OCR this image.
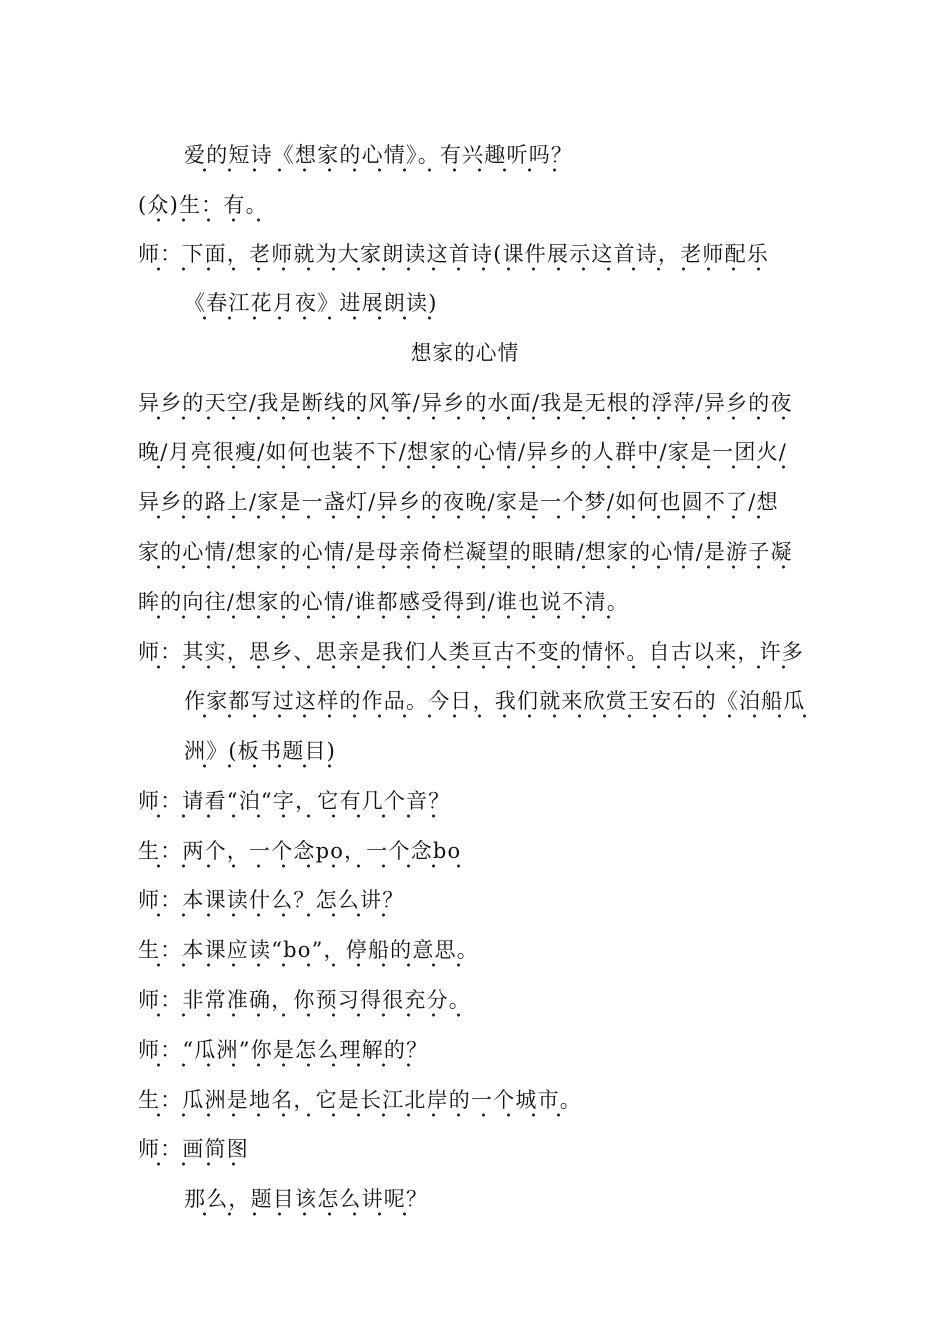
爱的短诗《想家的心情》。有兴趣听吗？
(众)生：有。
师：下面，老师就为大家朗读这首诗(课件展示这首诗，老师配乐
《春江花月夜》进展朗读)
想家的心情
异乡的天空/我是断线的风筝/异乡的水面/我是无根的浮萍/异乡的夜
晚/月亮很瘦/如何也装不下/想家的心情/异乡的人群中/家是一团火/
异乡的路上/家是一盏灯/异乡的夜晚/家是一个梦/如何也圆不了/想
家的心情/想家的心情/是母亲倚栏凝望的眼睛/想家的心情/是游子凝
眸的向往/想家的心情/谁都感受得到/谁也说不清。
师：其实，思乡、思亲是我们人类亘古不变的情怀。自古以来，许多
作家都写过这样的作品。今日，我们就来欣赏王安石的《泊船瓜
洲》(板书题目)
师：请看“泊“字，它有几个音？
生：两个，一个念po，一个念bo
师：本课读什么？怎么讲？
生：本课应读“bo”，停船的意思。
师：非常准确，你预习得很充分。
师：“瓜洲”你是怎么理解的？
生：瓜洲是地名，它是长江北岸的一个城市。
师：画简图
那么，题目该怎么讲呢？
